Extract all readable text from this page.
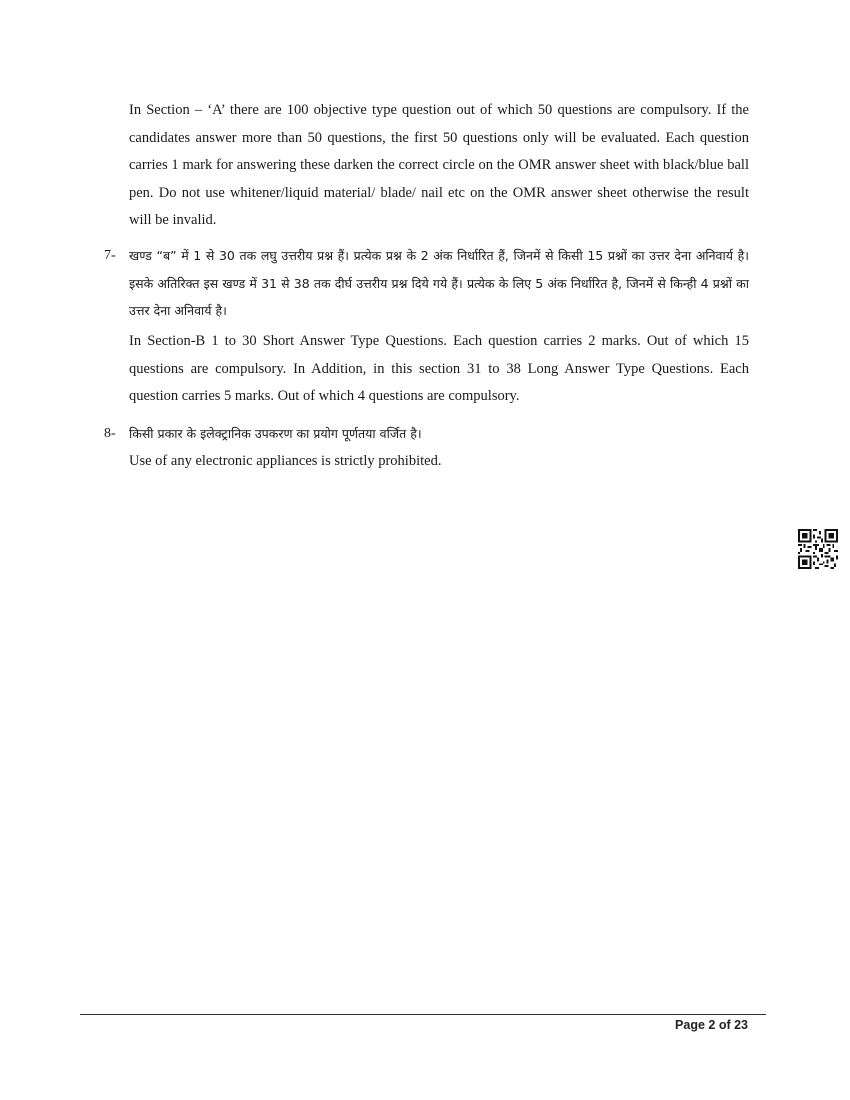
In Section – ‘A’ there are 100 objective type question out of which 50 questions are compulsory. If the candidates answer more than 50 questions, the first 50 questions only will be evaluated. Each question carries 1 mark for answering these darken the correct circle on the OMR answer sheet with black/blue ball pen. Do not use whitener/liquid material/ blade/ nail etc on the OMR answer sheet otherwise the result will be invalid.
7- खण्ड “ब” में 1 से 30 तक लघु उत्तरीय प्रश्न हैं। प्रत्येक प्रश्न के 2 अंक निर्धारित हैं, जिनमें से किसी 15 प्रश्नों का उत्तर देना अनिवार्य है। इसके अतिरिक्त इस खण्ड में 31 से 38 तक दीर्घ उत्तरीय प्रश्न दिये गये हैं। प्रत्येक के लिए 5 अंक निर्धारित है, जिनमें से किन्ही 4 प्रश्नों का उत्तर देना अनिवार्य है।
In Section-B 1 to 30 Short Answer Type Questions. Each question carries 2 marks. Out of which 15 questions are compulsory. In Addition, in this section 31 to 38 Long Answer Type Questions. Each question carries 5 marks. Out of which 4 questions are compulsory.
8- किसी प्रकार के इलेक्ट्रानिक उपकरण का प्रयोग पूर्णतया वर्जित है।
Use of any electronic appliances is strictly prohibited.
Page 2 of 23
